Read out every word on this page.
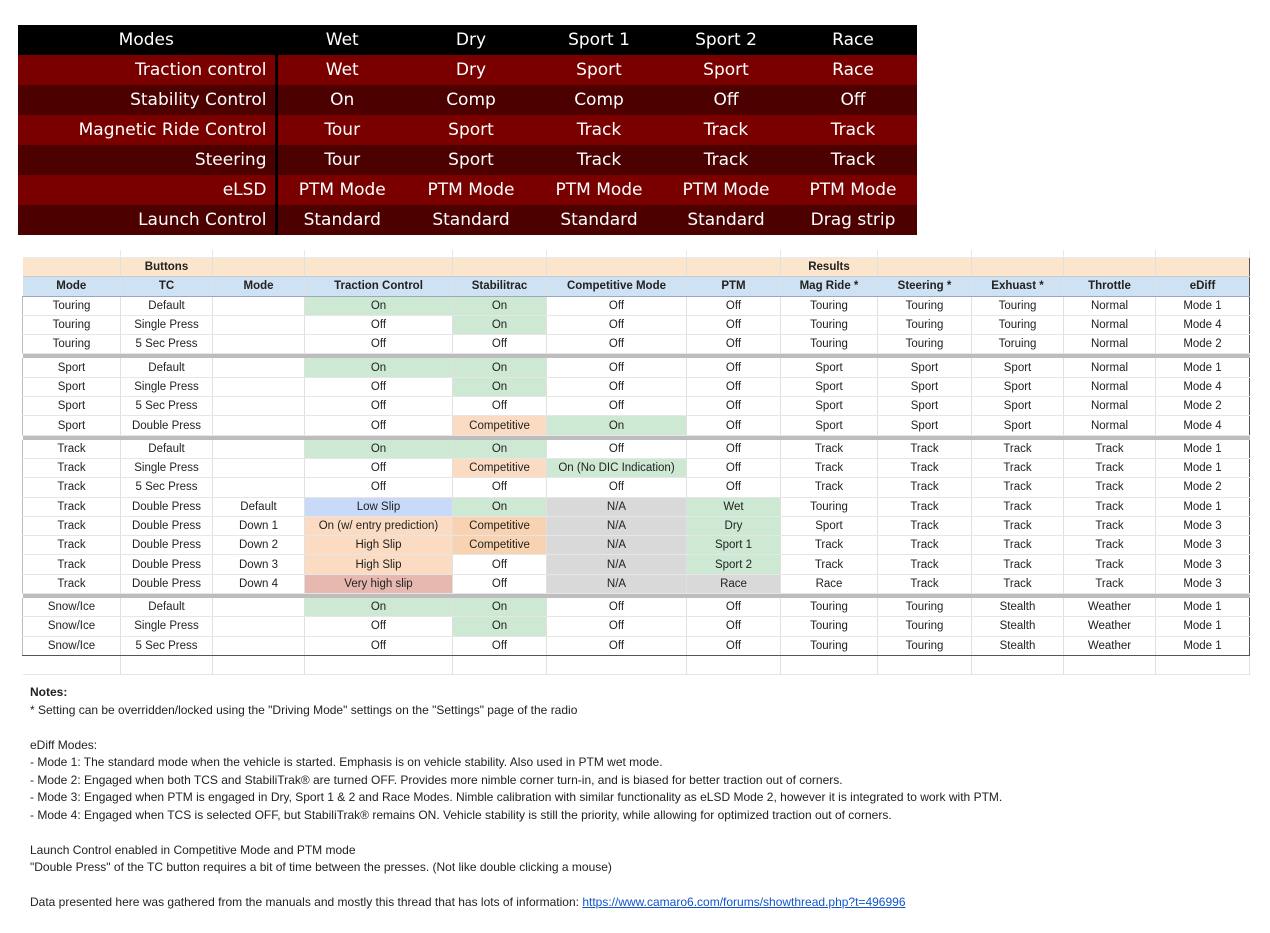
Modes	Wet	Dry	Sport 1	Sport 2	Race
Traction control	Wet	Dry	Sport	Sport	Race
Stability Control	On	Comp	Comp	Off	Off
Magnetic Ride Control	Tour	Sport	Track	Track	Track
Steering	Tour	Sport	Track	Track	Track
eLSD	PTM Mode	PTM Mode	PTM Mode	PTM Mode	PTM Mode
Launch Control	Standard	Standard	Standard	Standard	Drag strip

	Buttons						Results				
Mode	TC	Mode	Traction Control	Stabilitrac	Competitive Mode	PTM	Mag Ride *	Steering *	Exhuast *	Throttle	eDiff
Touring	Default		On	On	Off	Off	Touring	Touring	Touring	Normal	Mode 1
Touring	Single Press		Off	On	Off	Off	Touring	Touring	Touring	Normal	Mode 4
Touring	5 Sec Press		Off	Off	Off	Off	Touring	Touring	Toruing	Normal	Mode 2

Sport	Default		On	On	Off	Off	Sport	Sport	Sport	Normal	Mode 1
Sport	Single Press		Off	On	Off	Off	Sport	Sport	Sport	Normal	Mode 4
Sport	5 Sec Press		Off	Off	Off	Off	Sport	Sport	Sport	Normal	Mode 2
Sport	Double Press		Off	Competitive	On	Off	Sport	Sport	Sport	Normal	Mode 4

Track	Default		On	On	Off	Off	Track	Track	Track	Track	Mode 1
Track	Single Press		Off	Competitive	On (No DIC Indication)	Off	Track	Track	Track	Track	Mode 1
Track	5 Sec Press		Off	Off	Off	Off	Track	Track	Track	Track	Mode 2
Track	Double Press	Default	Low Slip	On	N/A	Wet	Touring	Track	Track	Track	Mode 1
Track	Double Press	Down 1	On (w/ entry prediction)	Competitive	N/A	Dry	Sport	Track	Track	Track	Mode 3
Track	Double Press	Down 2	High Slip	Competitive	N/A	Sport 1	Track	Track	Track	Track	Mode 3
Track	Double Press	Down 3	High Slip	Off	N/A	Sport 2	Track	Track	Track	Track	Mode 3
Track	Double Press	Down 4	Very high slip	Off	N/A	Race	Race	Track	Track	Track	Mode 3

Snow/Ice	Default		On	On	Off	Off	Touring	Touring	Stealth	Weather	Mode 1
Snow/Ice	Single Press		Off	On	Off	Off	Touring	Touring	Stealth	Weather	Mode 1
Snow/Ice	5 Sec Press		Off	Off	Off	Off	Touring	Touring	Stealth	Weather	Mode 1

Notes:
* Setting can be overridden/locked using the "Driving Mode" settings on the "Settings" page of the radio
eDiff Modes:
- Mode 1: The standard mode when the vehicle is started. Emphasis is on vehicle stability. Also used in PTM wet mode.
- Mode 2: Engaged when both TCS and StabiliTrak® are turned OFF. Provides more nimble corner turn-in, and is biased for better traction out of corners.
- Mode 3: Engaged when PTM is engaged in Dry, Sport 1 & 2 and Race Modes. Nimble calibration with similar functionality as eLSD Mode 2, however it is integrated to work with PTM.
- Mode 4: Engaged when TCS is selected OFF, but StabiliTrak® remains ON. Vehicle stability is still the priority, while allowing for optimized traction out of corners.
Launch Control enabled in Competitive Mode and PTM mode
"Double Press" of the TC button requires a bit of time between the presses. (Not like double clicking a mouse)
Data presented here was gathered from the manuals and mostly this thread that has lots of information: https://www.camaro6.com/forums/showthread.php?t=496996
